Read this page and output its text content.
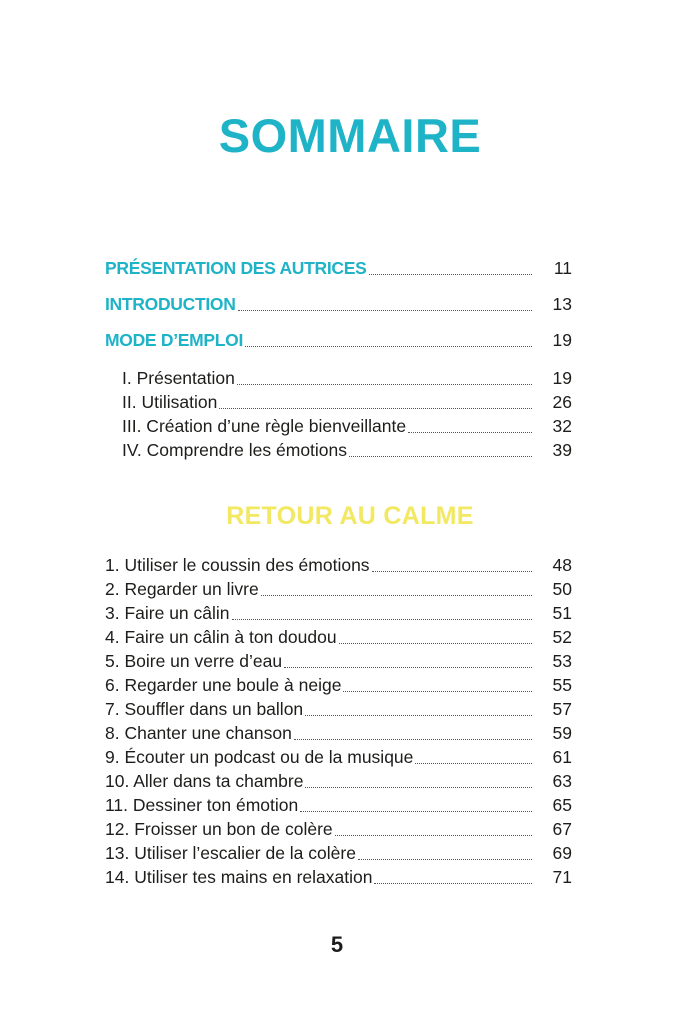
SOMMAIRE
PRÉSENTATION DES AUTRICES	11
INTRODUCTION	13
MODE D’EMPLOI	19
I. Présentation	19
II. Utilisation	26
III. Création d’une règle bienveillante	32
IV. Comprendre les émotions	39
RETOUR AU CALME
1. Utiliser le coussin des émotions	48
2. Regarder un livre	50
3. Faire un câlin	51
4. Faire un câlin à ton doudou	52
5. Boire un verre d’eau	53
6. Regarder une boule à neige	55
7. Souffler dans un ballon	57
8. Chanter une chanson	59
9. Écouter un podcast ou de la musique	61
10. Aller dans ta chambre	63
11. Dessiner ton émotion	65
12. Froisser un bon de colère	67
13. Utiliser l’escalier de la colère	69
14. Utiliser tes mains en relaxation	71
5
